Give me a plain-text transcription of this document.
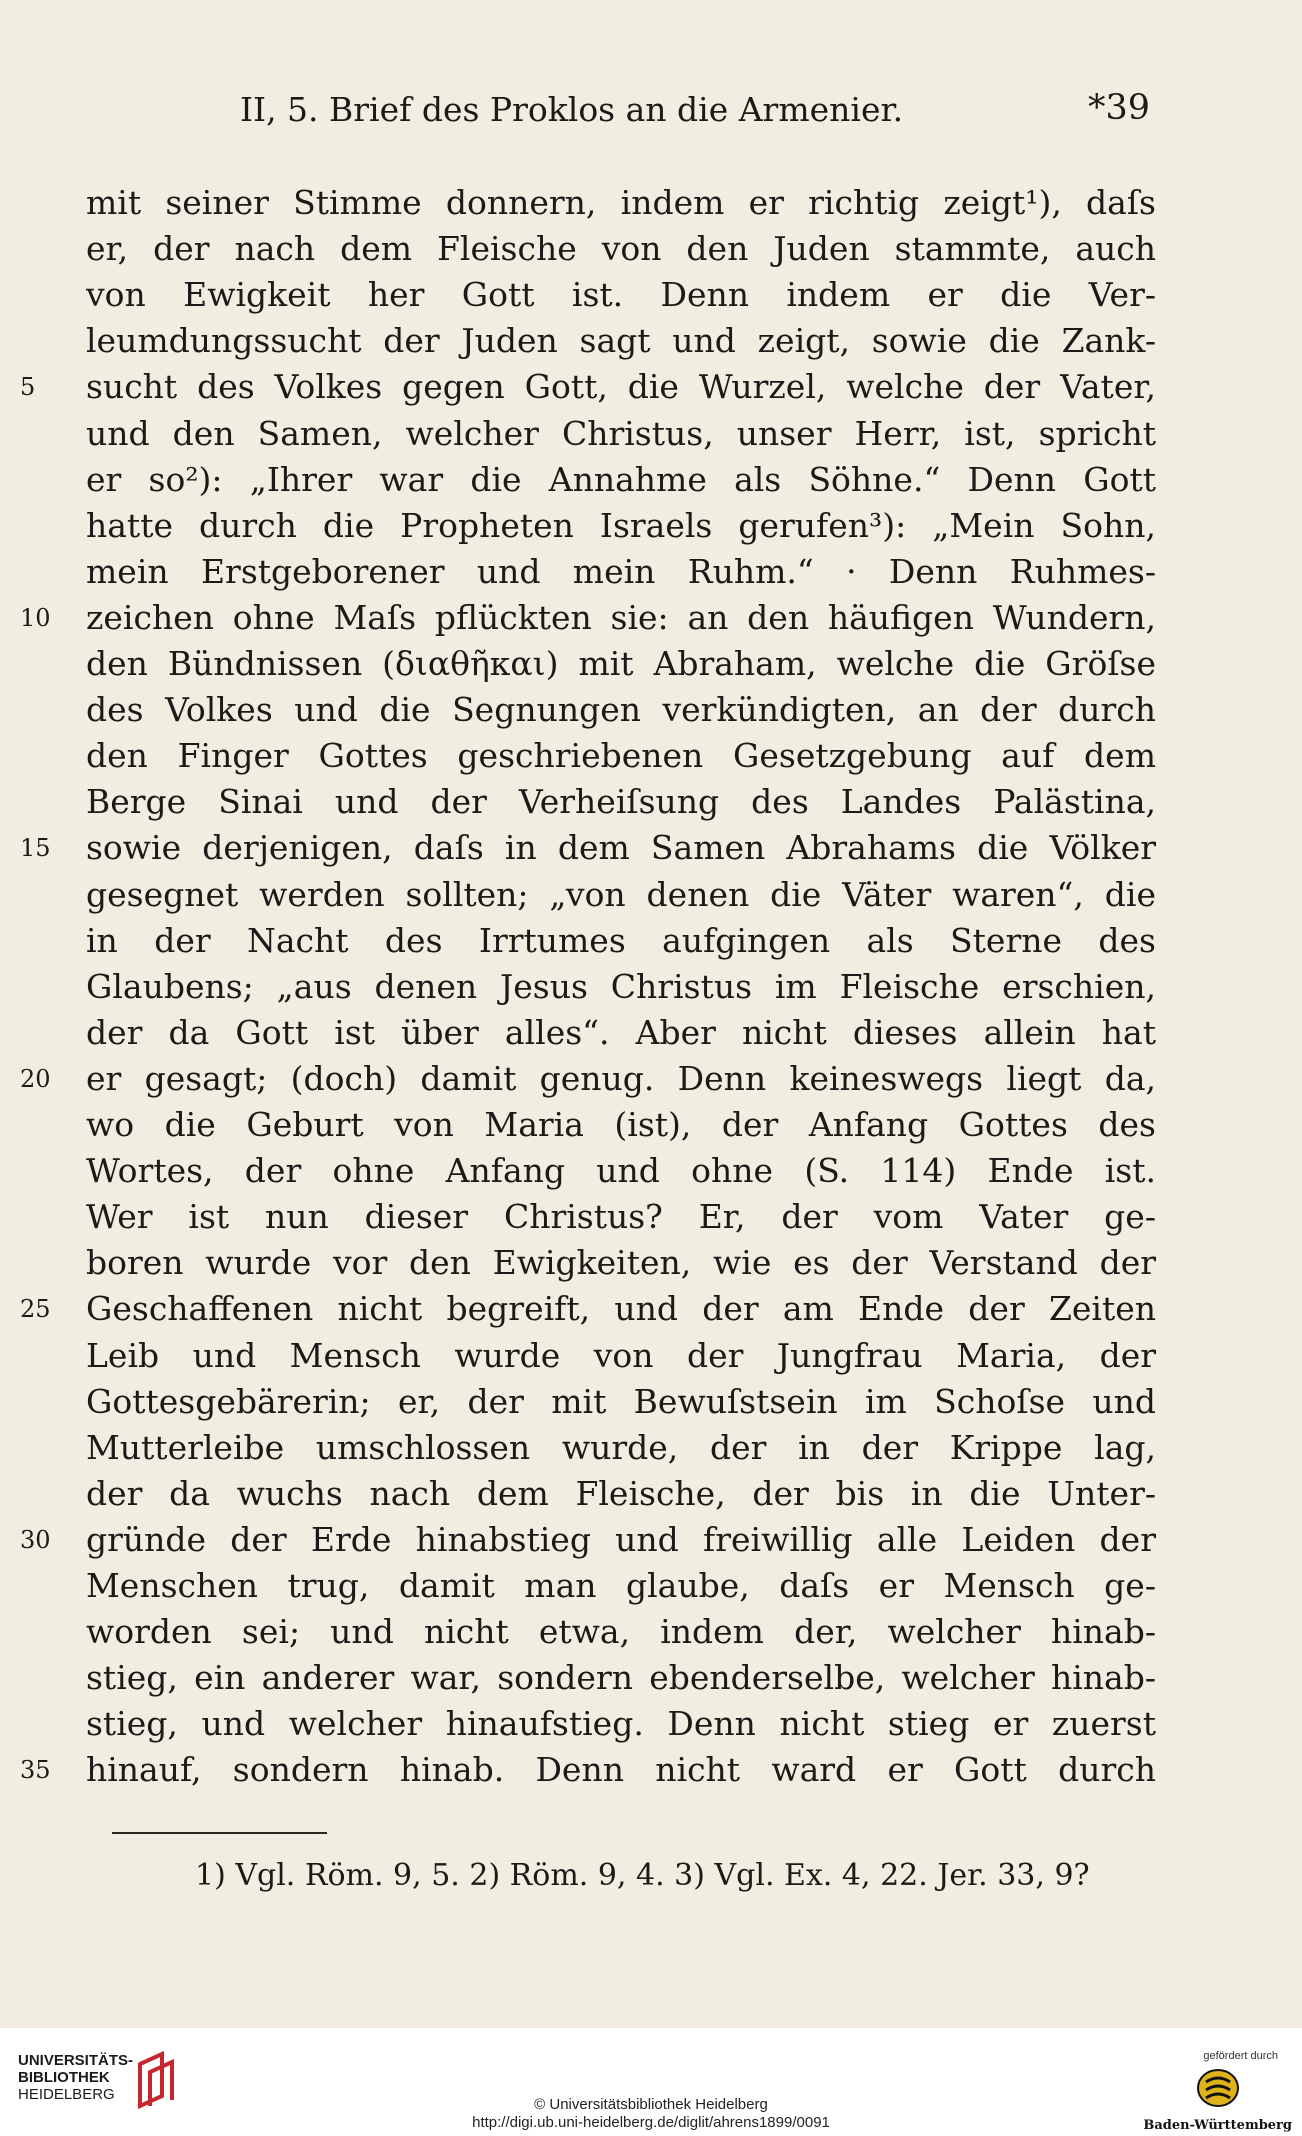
II, 5. Brief des Proklos an die Armenier.	*39
mit seiner Stimme donnern, indem er richtig zeigt¹), daſs
er, der nach dem Fleische von den Juden stammte, auch
von Ewigkeit her Gott ist. Denn indem er die Ver-
leumdungssucht der Juden sagt und zeigt, sowie die Zank-
sucht des Volkes gegen Gott, die Wurzel, welche der Vater,
5
und den Samen, welcher Christus, unser Herr, ist, spricht
er so²): „Ihrer war die Annahme als Söhne.“ Denn Gott
hatte durch die Propheten Israels gerufen³): „Mein Sohn,
mein Erstgeborener und mein Ruhm.“ · Denn Ruhmes-
zeichen ohne Maſs pflückten sie: an den häufigen Wundern,
10
den Bündnissen (διαθῆκαι) mit Abraham, welche die Gröſse
des Volkes und die Segnungen verkündigten, an der durch
den Finger Gottes geschriebenen Gesetzgebung auf dem
Berge Sinai und der Verheiſsung des Landes Palästina,
sowie derjenigen, daſs in dem Samen Abrahams die Völker
15
gesegnet werden sollten; „von denen die Väter waren“, die
in der Nacht des Irrtumes aufgingen als Sterne des
Glaubens; „aus denen Jesus Christus im Fleische erschien,
der da Gott ist über alles“. Aber nicht dieses allein hat
er gesagt; (doch) damit genug. Denn keineswegs liegt da,
20
wo die Geburt von Maria (ist), der Anfang Gottes des
Wortes, der ohne Anfang und ohne (S. 114) Ende ist.
Wer ist nun dieser Christus? Er, der vom Vater ge-
boren wurde vor den Ewigkeiten, wie es der Verstand der
Geschaffenen nicht begreift, und der am Ende der Zeiten
25
Leib und Mensch wurde von der Jungfrau Maria, der
Gottesgebärerin; er, der mit Bewuſstsein im Schoſse und
Mutterleibe umschlossen wurde, der in der Krippe lag,
der da wuchs nach dem Fleische, der bis in die Unter-
gründe der Erde hinabstieg und freiwillig alle Leiden der
30
Menschen trug, damit man glaube, daſs er Mensch ge-
worden sei; und nicht etwa, indem der, welcher hinab-
stieg, ein anderer war, sondern ebenderselbe, welcher hinab-
stieg, und welcher hinaufstieg. Denn nicht stieg er zuerst
hinauf, sondern hinab. Denn nicht ward er Gott durch
35
1) Vgl. Röm. 9, 5. 2) Röm. 9, 4. 3) Vgl. Ex. 4, 22. Jer. 33, 9?
UNIVERSITÄTS-
BIBLIOTHEK
HEIDELBERG
© Universitätsbibliothek Heidelberg
http://digi.ub.uni-heidelberg.de/diglit/ahrens1899/0091
gefördert durch
Baden-Württemberg
